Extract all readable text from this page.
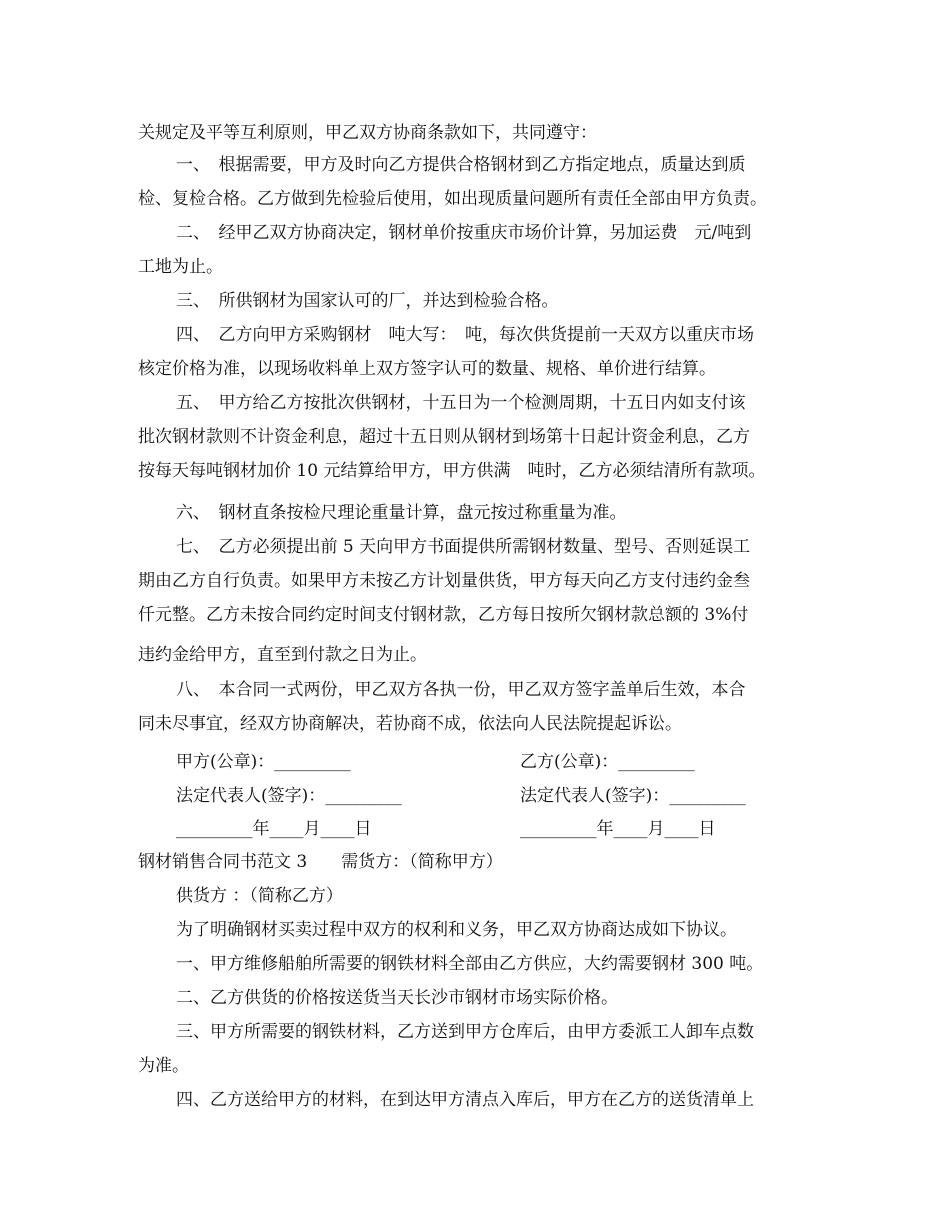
关规定及平等互利原则，甲乙双方协商条款如下，共同遵守：
一、　根据需要，甲方及时向乙方提供合格钢材到乙方指定地点，质量达到质
检、复检合格。乙方做到先检验后使用，如出现质量问题所有责任全部由甲方负责。
二、　经甲乙双方协商决定，钢材单价按重庆市场价计算，另加运费　元/吨到
工地为止。
三、　所供钢材为国家认可的厂，并达到检验合格。
四、　乙方向甲方采购钢材　吨大写：　吨，每次供货提前一天双方以重庆市场
核定价格为准，以现场收料单上双方签字认可的数量、规格、单价进行结算。
五、　甲方给乙方按批次供钢材，十五日为一个检测周期，十五日内如支付该
批次钢材款则不计资金利息，超过十五日则从钢材到场第十日起计资金利息，乙方
按每天每吨钢材加价 10 元结算给甲方，甲方供满　吨时，乙方必须结清所有款项。
六、　钢材直条按检尺理论重量计算，盘元按过称重量为准。
七、　乙方必须提出前 5 天向甲方书面提供所需钢材数量、型号、否则延误工
期由乙方自行负责。如果甲方未按乙方计划量供货，甲方每天向乙方支付违约金叁
仟元整。乙方未按合同约定时间支付钢材款，乙方每日按所欠钢材款总额的 3%付
违约金给甲方，直至到付款之日为止。
八、　本合同一式两份，甲乙双方各执一份，甲乙双方签字盖单后生效，本合
同未尽事宜，经双方协商解决，若协商不成，依法向人民法院提起诉讼。
甲方(公章)：_________	乙方(公章)：_________
法定代表人(签字)：_________	法定代表人(签字)：_________
_________年____月____日	_________年____月____日
钢材销售合同书范文 3　　需货方：（简称甲方）
供货方 ：（简称乙方）
为了明确钢材买卖过程中双方的权利和义务，甲乙双方协商达成如下协议。
一、甲方维修船舶所需要的钢铁材料全部由乙方供应，大约需要钢材 300 吨。
二、乙方供货的价格按送货当天长沙市钢材市场实际价格。
三、甲方所需要的钢铁材料，乙方送到甲方仓库后，由甲方委派工人卸车点数
为准。
四、乙方送给甲方的材料，在到达甲方清点入库后，甲方在乙方的送货清单上
